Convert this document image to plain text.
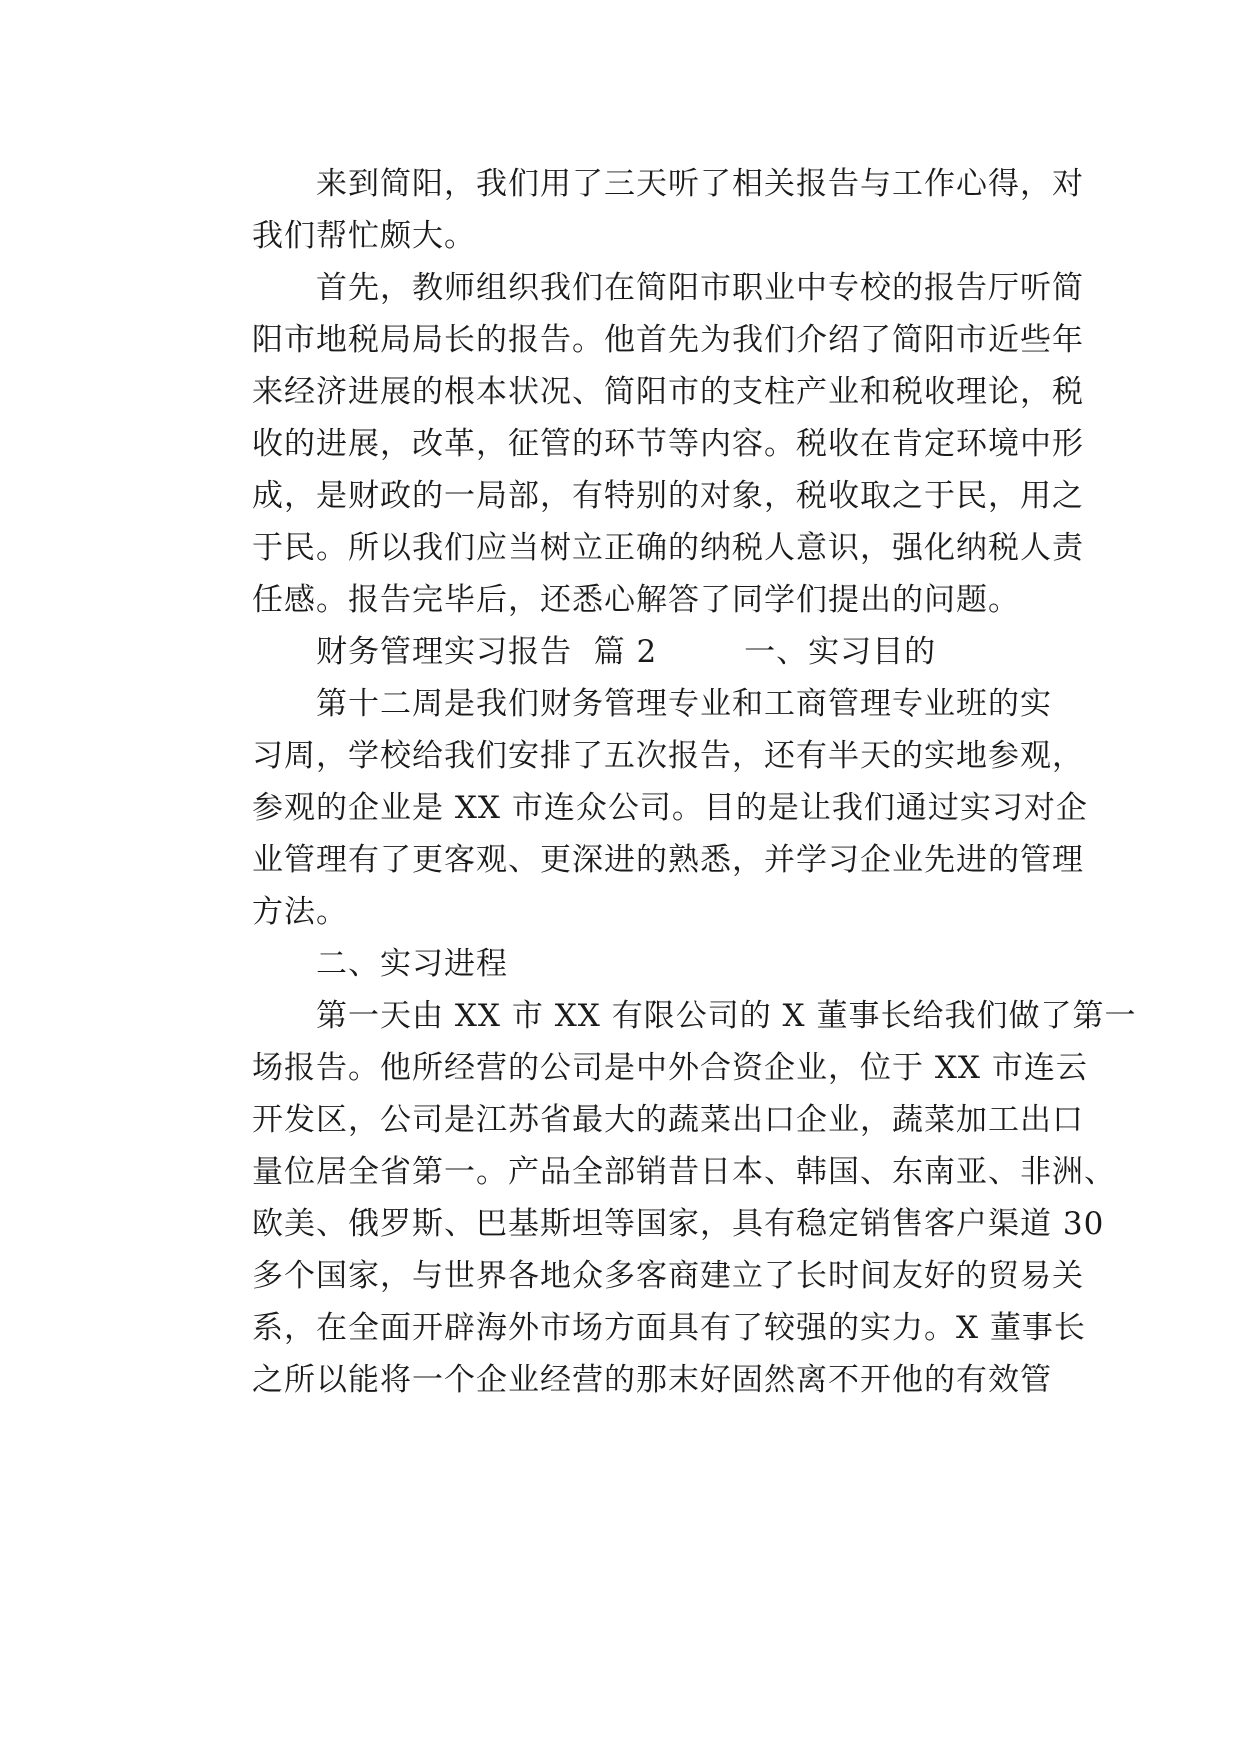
来到简阳，我们用了三天听了相关报告与工作心得，对
我们帮忙颇大。
首先，教师组织我们在简阳市职业中专校的报告厅听简
阳市地税局局长的报告。他首先为我们介绍了简阳市近些年
来经济进展的根本状况、简阳市的支柱产业和税收理论，税
收的进展，改革，征管的环节等内容。税收在肯定环境中形
成，是财政的一局部，有特别的对象，税收取之于民，用之
于民。所以我们应当树立正确的纳税人意识，强化纳税人责
任感。报告完毕后，还悉心解答了同学们提出的问题。
财务管理实习报告  篇 2        一、实习目的
第十二周是我们财务管理专业和工商管理专业班的实
习周，学校给我们安排了五次报告，还有半天的实地参观，
参观的企业是 XX 市连众公司。目的是让我们通过实习对企
业管理有了更客观、更深进的熟悉，并学习企业先进的管理
方法。
二、实习进程
第一天由 XX 市 XX 有限公司的 X 董事长给我们做了第一
场报告。他所经营的公司是中外合资企业，位于 XX 市连云
开发区，公司是江苏省最大的蔬菜出口企业，蔬菜加工出口
量位居全省第一。产品全部销昔日本、韩国、东南亚、非洲、
欧美、俄罗斯、巴基斯坦等国家，具有稳定销售客户渠道 30
多个国家，与世界各地众多客商建立了长时间友好的贸易关
系，在全面开辟海外市场方面具有了较强的实力。X 董事长
之所以能将一个企业经营的那末好固然离不开他的有效管
